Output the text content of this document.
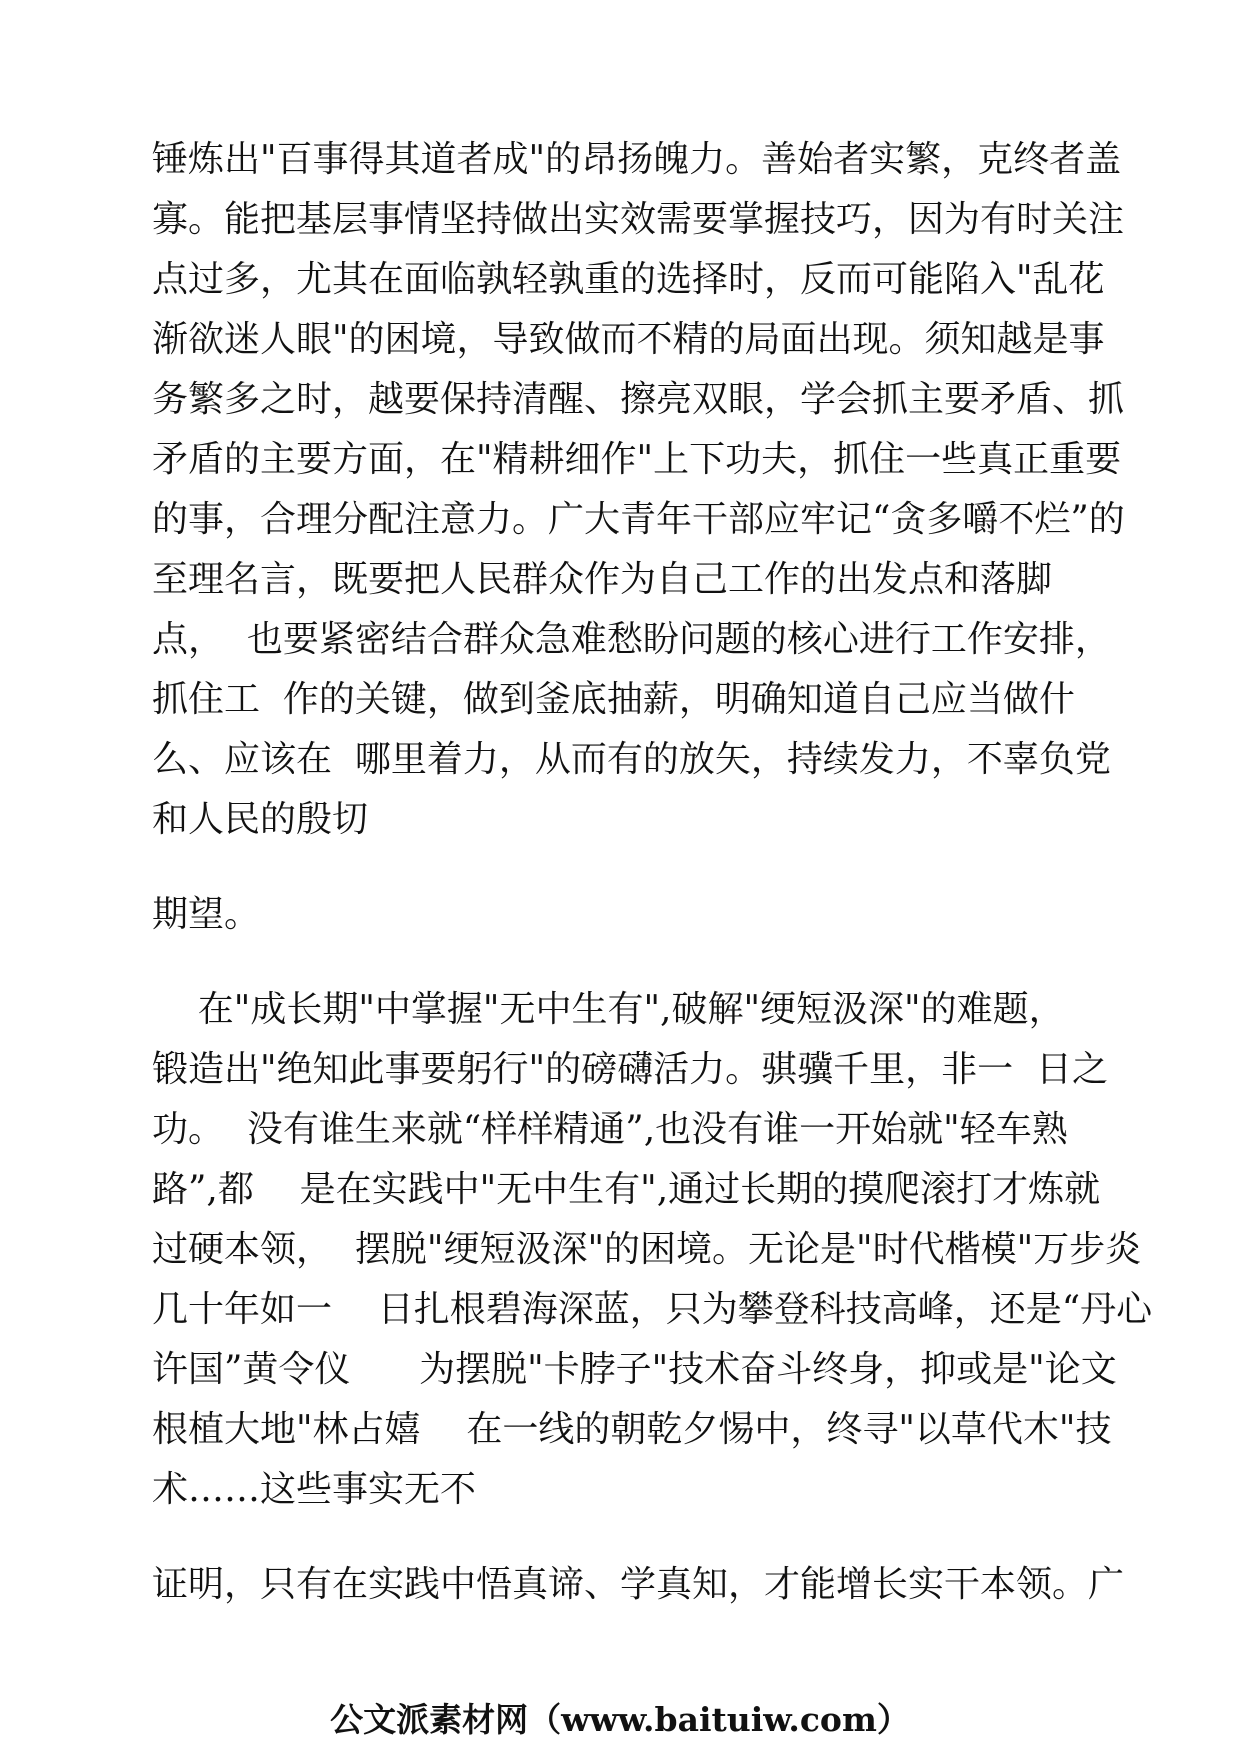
锤炼出"百事得其道者成"的昂扬魄力。善始者实繁，克终者盖
寡。能把基层事情坚持做出实效需要掌握技巧，因为有时关注
点过多，尤其在面临孰轻孰重的选择时，反而可能陷入"乱花
渐欲迷人眼"的困境，导致做而不精的局面出现。须知越是事
务繁多之时，越要保持清醒、擦亮双眼，学会抓主要矛盾、抓
矛盾的主要方面，在"精耕细作"上下功夫，抓住一些真正重要
的事，合理分配注意力。广大青年干部应牢记“贪多嚼不烂”的
至理名言，既要把人民群众作为自己工作的出发点和落脚
点，  也要紧密结合群众急难愁盼问题的核心进行工作安排，
抓住工  作的关键，做到釜底抽薪，明确知道自己应当做什
么、应该在  哪里着力，从而有的放矢，持续发力，不辜负党
和人民的殷切
期望。
在"成长期"中掌握"无中生有",破解"绠短汲深"的难题，
锻造出"绝知此事要躬行"的磅礴活力。骐骥千里，非一  日之
功。  没有谁生来就“样样精通”,也没有谁一开始就"轻车熟
路”,都    是在实践中"无中生有",通过长期的摸爬滚打才炼就
过硬本领，  摆脱"绠短汲深"的困境。无论是"时代楷模"万步炎
几十年如一    日扎根碧海深蓝，只为攀登科技高峰，还是“丹心
许国”黄令仪      为摆脱"卡脖子"技术奋斗终身，抑或是"论文
根植大地"林占嬉    在一线的朝乾夕惕中，终寻"以草代木"技
术……这些事实无不
证明，只有在实践中悟真谛、学真知，才能增长实干本领。广
公文派素材网（www.baituiw.com）
